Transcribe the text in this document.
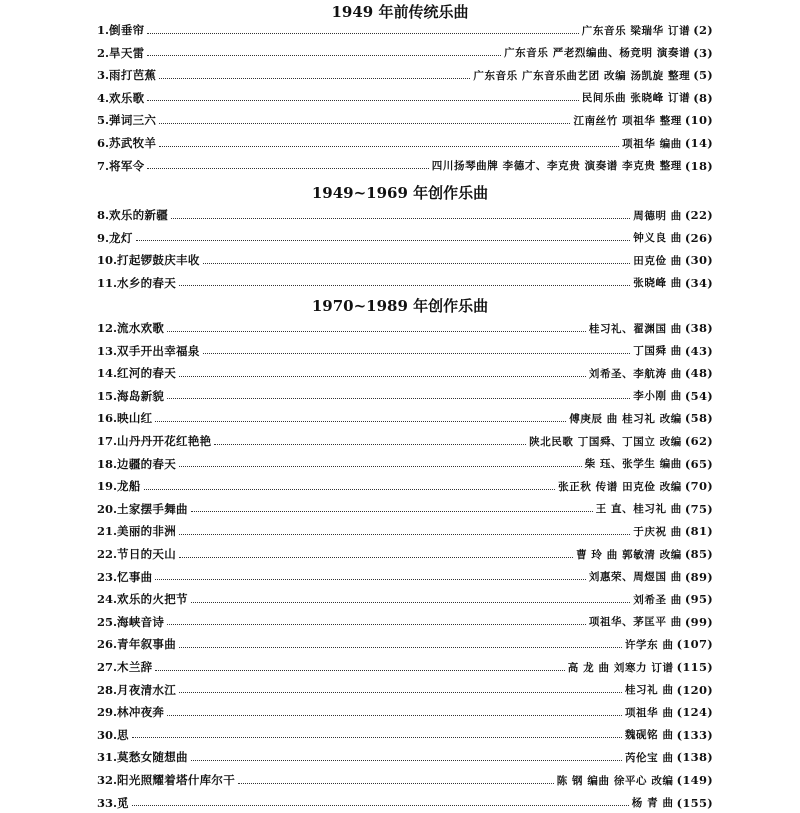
1949 年前传统乐曲
1. 倒垂帘	广东音乐 梁瑞华 订谱 (2)
2. 旱天雷	广东音乐 严老烈编曲、杨竞明 演奏谱 (3)
3. 雨打芭蕉	广东音乐 广东音乐曲艺团 改编 汤凯旋 整理 (5)
4. 欢乐歌	民间乐曲 张晓峰 订谱 (8)
5. 弹词三六	江南丝竹 项祖华 整理 (10)
6. 苏武牧羊	项祖华 编曲 (14)
7. 将军令	四川扬琴曲牌 李德才、李克贵 演奏谱 李克贵 整理 (18)
1949~1969 年创作乐曲
8. 欢乐的新疆	周德明 曲 (22)
9. 龙灯	钟义良 曲 (26)
10. 打起锣鼓庆丰收	田克俭 曲 (30)
11. 水乡的春天	张晓峰 曲 (34)
1970~1989 年创作乐曲
12. 流水欢歌	桂习礼、翟渊国 曲 (38)
13. 双手开出幸福泉	丁国舜 曲 (43)
14. 红河的春天	刘希圣、李航涛 曲 (48)
15. 海岛新貌	李小刚 曲 (54)
16. 映山红	傅庚辰 曲 桂习礼 改编 (58)
17. 山丹丹开花红艳艳	陕北民歌 丁国舜、丁国立 改编 (62)
18. 边疆的春天	柴 珏、张学生 编曲 (65)
19. 龙船	张正秋 传谱 田克俭 改编 (70)
20. 土家摆手舞曲	王 直、桂习礼 曲 (75)
21. 美丽的非洲	于庆祝 曲 (81)
22. 节日的天山	曹 玲 曲 郭敏清 改编 (85)
23. 忆事曲	刘惠荣、周煜国 曲 (89)
24. 欢乐的火把节	刘希圣 曲 (95)
25. 海峡音诗	项祖华、茅匡平 曲 (99)
26. 青年叙事曲	许学东 曲 (107)
27. 木兰辞	高 龙 曲 刘寒力 订谱 (115)
28. 月夜清水江	桂习礼 曲 (120)
29. 林冲夜奔	项祖华 曲 (124)
30. 思	魏砚铭 曲 (133)
31. 莫愁女随想曲	芮伦宝 曲 (138)
32. 阳光照耀着塔什库尔干	陈 钢 编曲 徐平心 改编 (149)
33. 觅	杨 青 曲 (155)
